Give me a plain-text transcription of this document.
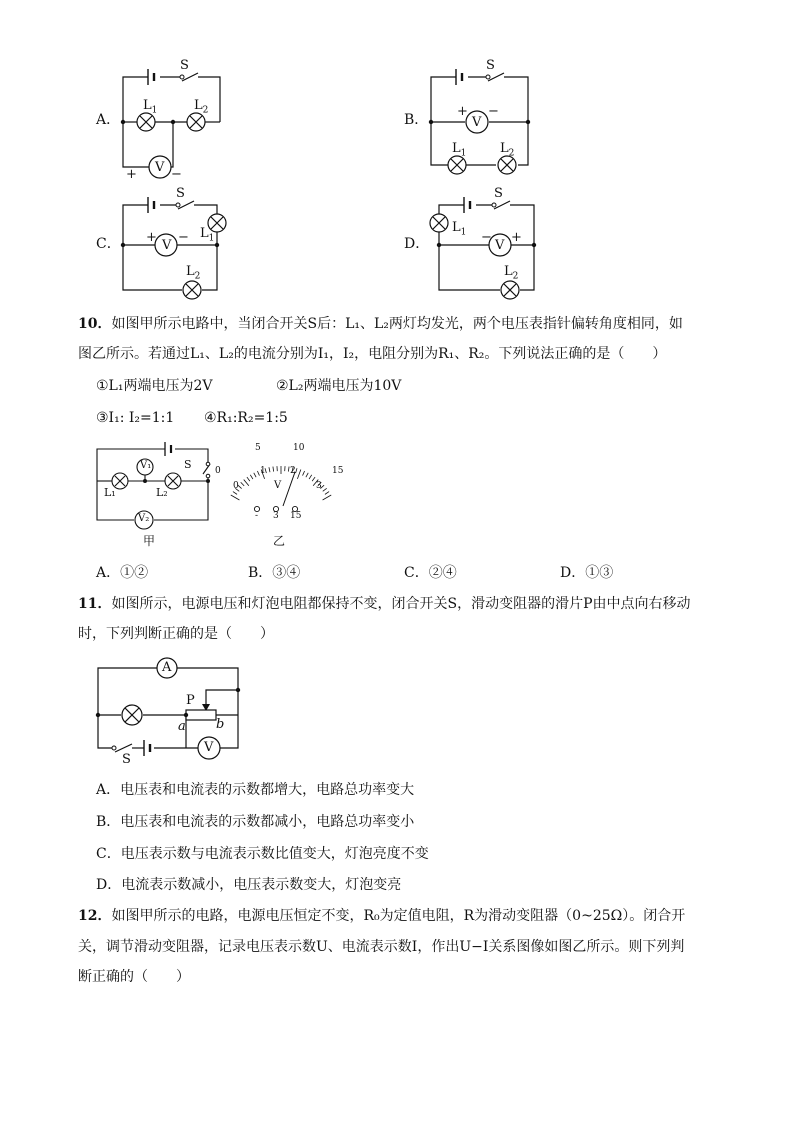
A．
S
$L_1$	$L_2$
V
+	−
B．
S
V
+ −
$L_1$	$L_2$
C．
S
$L_1$
V
+ −
$L_2$
D．
S
$L_1$ −
V
+
$L_2$
10．如图甲所示电路中，当闭合开关S后：L₁、L₂两灯均发光，两个电压表指针偏转角度相同，如
图乙所示。若通过L₁、L₂的电流分别为I₁，I₂，电阻分别为R₁、R₂。下列说法正确的是（　　）
①L₁两端电压为2V	②L₂两端电压为10V
③I₁: I₂=1:1 ④R₁:R₂=1:5
V₁
V₂
L₁	L₂
S
甲
0
5	10
15
0
1	2
3
V
- 3 15
乙
A．①②	B．③④	C．②④	D．①③
11．如图所示，电源电压和灯泡电阻都保持不变，闭合开关S，滑动变阻器的滑片P由中点向右移动
时，下列判断正确的是（　　）
A
V
P
a b
S
A．电压表和电流表的示数都增大，电路总功率变大
B．电压表和电流表的示数都减小，电路总功率变小
C．电压表示数与电流表示数比值变大，灯泡亮度不变
D．电流表示数减小，电压表示数变大，灯泡变亮
12．如图甲所示的电路，电源电压恒定不变，R₀为定值电阻，R为滑动变阻器（0~25Ω）。闭合开
关，调节滑动变阻器，记录电压表示数U、电流表示数I，作出U−I关系图像如图乙所示。则下列判
断正确的（　　）
